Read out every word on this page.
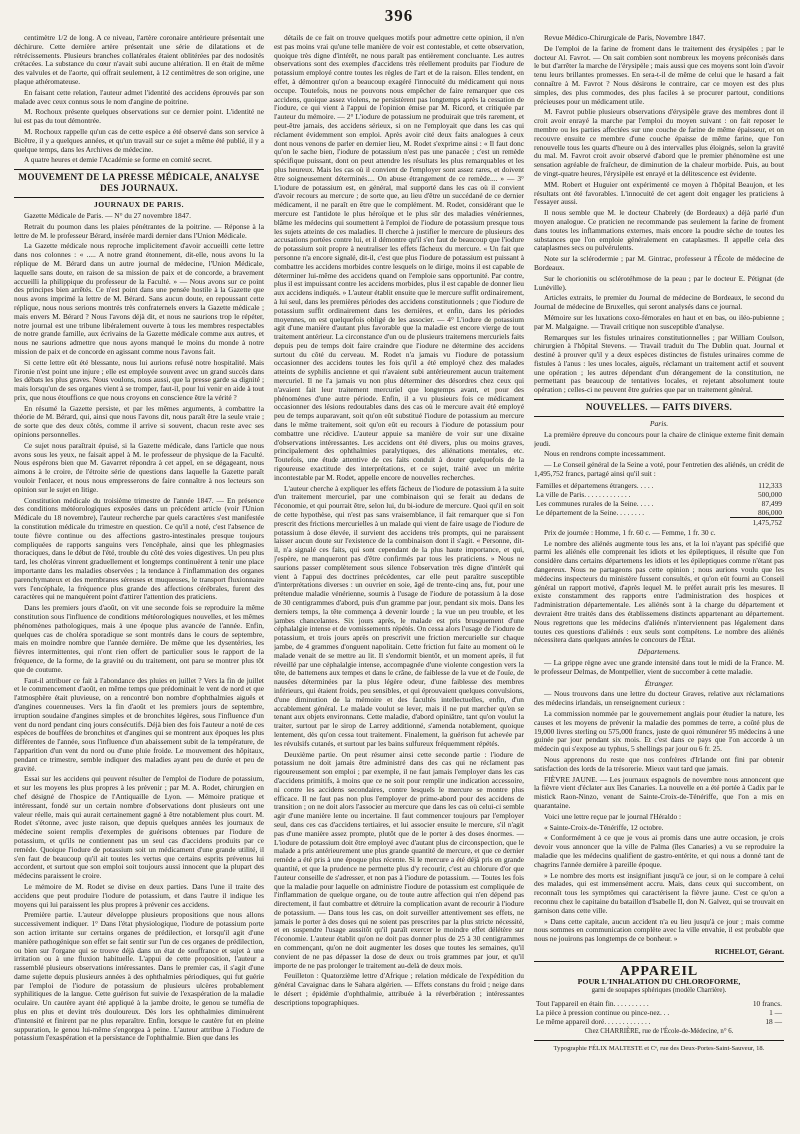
396

centimètre 1/2 de long. A ce niveau, l'artère coronaire antérieure présentait une déchirure. Cette dernière artère présentait une série de dilatations et de rétrécissements. Plusieurs branches collatérales étaient oblitérées par des nodosités crétacées. La substance du cœur n'avait subi aucune altération. Il en était de même des valvules et de l'aorte, qui offrait seulement, à 12 centimètres de son origine, une plaque athéromateuse.

En faisant cette relation, l'auteur admet l'identité des accidens éprouvés par son malade avec ceux connus sous le nom d'angine de poitrine.

M. Rochoux présente quelques observations sur ce dernier point. L'identité ne lui est pas du tout démontrée.

M. Rochoux rappelle qu'un cas de cette espèce a été observé dans son service à Bicêtre, il y a quelques années, et qu'un travail sur ce sujet a même été publié, il y a quelque temps, dans les Archives de médecine.

A quatre heures et demie l'Académie se forme en comité secret.

MOUVEMENT DE LA PRESSE MÉDICALE, ANALYSE DES JOURNAUX.
JOURNAUX DE PARIS.

Gazette Médicale de Paris. — N° du 27 novembre 1847.

Retrait du poumon dans les plaies pénétrantes de la poitrine. — Réponse à la lettre de M. le professeur Bérard, insérée mardi dernier dans l'Union Médicale.

La Gazette médicale nous reproche implicitement d'avoir accueilli cette lettre dans nos colonnes : « ..... A notre grand étonnement, dit-elle, nous avons lu la réplique de M. Bérard dans un autre journal de médecine, l'Union Médicale, laquelle sans doute, en raison de sa mission de paix et de concorde, a bravement accueilli la philippique du professeur de la Faculté. » — Nous avons sur ce point des principes bien arrêtés. Ce n'est point dans une pensée hostile à la Gazette que nous avons imprimé la lettre de M. Bérard. Sans aucun doute, en repoussant cette réplique, nous nous serions montrés très confraternels envers la Gazette médicale ; mais envers M. Bérard ? Nous l'avons déjà dit, et nous ne saurions trop le répéter, notre journal est une tribune libéralement ouverte à tous les membres respectables de notre grande famille, aux écrivains de la Gazette médicale comme aux autres, et nous ne saurions admettre que nous ayons manqué le moins du monde à notre mission de paix et de concorde en agissant comme nous l'avons fait.

Si cette lettre eût été blessante, nous lui aurions refusé notre hospitalité. Mais l'ironie n'est point une injure ; elle est employée souvent avec un grand succès dans les débats les plus graves. Nous voulons, nous aussi, que la presse garde sa dignité ; mais lorsqu'un de ses organes vient à se tromper, faut-il, pour lui venir en aide à tout prix, que nous étouffions ce que nous croyons en conscience être la vérité ?

En résumé la Gazette persiste, et par les mêmes arguments, à combattre la théorie de M. Bérard, qui, ainsi que nous l'avons dit, nous paraît être la seule vraie ; de sorte que des deux côtés, comme il arrive si souvent, chacun reste avec ses opinions personnelles.

Ce sujet nous paraîtrait épuisé, si la Gazette médicale, dans l'article que nous avons sous les yeux, ne faisait appel à M. le professeur de physique de la Faculté. Nous espérons bien que M. Gavarret répondra à cet appel, en se dégageant, nous aimons à le croire, de l'étroite série de questions dans laquelle la Gazette paraît vouloir l'enlacer, et nous nous empresserons de faire connaître à nos lecteurs son opinion sur le sujet en litige.

Constitution médicale du troisième trimestre de l'année 1847. — En présence des conditions météorologiques exposées dans un précédent article (voir l'Union Médicale du 18 novembre), l'auteur recherche par quels caractères s'est manifestée la constitution médicale du trimestre en question. Ce qu'il a noté, c'est l'absence de toute fièvre continue ou des affections gastro-intestinales presque toujours compliquées de rapports sanguins vers l'encéphale, ainsi que les phlegmasies thoraciques, dans le début de l'été, trouble du côté des voies digestives. Un peu plus tard, les choléras vinrent graduellement et longtemps continuèrent à tenir une place importante dans les maladies observées ; la tendance à l'inflammation des organes parenchymateux et des membranes séreuses et muqueuses, le transport fluxionnaire vers l'encéphale, la fréquence plus grande des affections cérébrales, furent des caractères qui ne manquèrent point d'attirer l'attention des praticiens.

Dans les premiers jours d'août, on vit une seconde fois se reproduire la même constitution sous l'influence de conditions météorologiques nouvelles, et les mêmes phénomènes pathologiques, mais à une époque plus avancée de l'année. Enfin, quelques cas de choléra sporadique se sont montrés dans le cours de septembre, mais en moindre nombre que l'année dernière. De même que les dysentéries, les fièvres intermittentes, qui n'ont rien offert de particulier sous le rapport de la fréquence, de la forme, de la gravité ou du traitement, ont paru se montrer plus tôt que de coutume.

Faut-il attribuer ce fait à l'abondance des pluies en juillet ? Vers la fin de juillet et le commencement d'août, en même temps que prédominait le vent de nord et que l'atmosphère était pluvieuse, on a rencontré bon nombre d'ophthalmies aiguës et d'angines couenneuses. Vers la fin d'août et les premiers jours de septembre, irruption soudaine d'angines simples et de bronchites légères, sous l'influence d'un vent du nord pendant cinq jours consécutifs. Déjà bien des fois l'auteur a noté de ces espèces de bouffées de bronchites et d'angines qui se montrent aux époques les plus différentes de l'année, sous l'influence d'un abaissement subit de la température, de l'apparition d'un vent du nord ou d'une pluie froide. Le mouvement des hôpitaux, pendant ce trimestre, semble indiquer des maladies ayant peu de durée et peu de gravité.

Essai sur les accidens qui peuvent résulter de l'emploi de l'iodure de potassium, et sur les moyens les plus propres à les prévenir ; par M. A. Rodet, chirurgien en chef désigné de l'hospice de l'Antiquaille de Lyon. — Mémoire pratique et intéressant, fondé sur un certain nombre d'observations dont plusieurs ont une valeur réelle, mais qui aurait certainement gagné à être notablement plus court. M. Rodet s'étonne, avec juste raison, que depuis quelques années les journaux de médecine soient remplis d'exemples de guérisons obtenues par l'iodure de potassium, et qu'ils ne contiennent pas un seul cas d'accidens produits par ce remède. Quoique l'iodure de potassium soit un médicament d'une grande utilité, il s'en faut de beaucoup qu'il ait toutes les vertus que certains esprits prévenus lui accordent, et surtout que son emploi soit toujours aussi innocent que la plupart des médecins paraissent le croire.

Le mémoire de M. Rodet se divise en deux parties. Dans l'une il traite des accidens que peut produire l'iodure de potassium, et dans l'autre il indique les moyens qui lui paraissent les plus propres à prévenir ces accidens.

Première partie. L'auteur développe plusieurs propositions que nous allons successivement indiquer. 1° Dans l'état physiologique, l'iodure de potassium porte son action irritante sur certains organes de prédilection, et lorsqu'il agit d'une manière pathogénique son effet se fait sentir sur l'un de ces organes de prédilection, ou bien sur l'organe qui se trouve déjà dans un état de souffrance et sujet à une irritation ou à une fluxion habituelle. L'appui de cette proposition, l'auteur a rassemblé plusieurs observations intéressantes. Dans le premier cas, il s'agit d'une dame sujette depuis plusieurs années à des ophthalmies périodiques, qui fut guérie par l'emploi de l'iodure de potassium de plusieurs ulcères probablement syphilitiques de la langue. Cette guérison fut suivie de l'exaspération de la maladie oculaire. Un cautère ayant été appliqué à la jambe droite, le genou se tuméfia de plus en plus et devint très douloureux. Dès lors les ophthalmies diminuèrent d'intensité et finirent par ne plus reparaître. Enfin, lorsque le cautère fut en pleine suppuration, le genou lui-même s'engorgea à peine. L'auteur attribue à l'iodure de potassium l'exaspération et la persistance de l'ophthalmie. Bien que dans les

détails de ce fait on trouve quelques motifs pour admettre cette opinion, il n'en est pas moins vrai qu'une telle manière de voir est contestable, et cette observation, quoique très digne d'intérêt, ne nous paraît pas entièrement concluante. Les autres observations sont des exemples d'accidens très réellement produits par l'iodure de potassium employé contre toutes les règles de l'art et de la raison. Elles tendent, en effet, à démontrer qu'on a beaucoup exagéré l'innocuité du médicament qui nous occupe. Toutefois, nous ne pouvons nous empêcher de faire remarquer que ces accidens, quoique assez violens, ne persistèrent pas longtemps après la cessation de l'iodure, ce qui vient à l'appui de l'opinion émise par M. Ricord, et critiquée par l'auteur du mémoire. — 2° L'iodure de potassium ne produirait que très rarement, et peut-être jamais, des accidens sérieux, si on ne l'employait que dans les cas qui réclament évidemment son emploi. Après avoir cité deux faits analogues à ceux dont nous venons de parler en dernier lieu, M. Rodet s'exprime ainsi : « Il faut donc qu'on le sache bien, l'iodure de potassium n'est pas une panacée ; c'est un remède spécifique puissant, dont on peut attendre les résultats les plus remarquables et les plus heureux. Mais les cas où il convient de l'employer sont assez rares, et doivent être soigneusement déterminés.... On abuse étrangement de ce remède.... » — 3° L'iodure de potassium est, en général, mal supporté dans les cas où il convient d'avoir recours au mercure ; de sorte que, au lieu d'être un succédané de ce dernier médicament, il ne paraît en être que le complément. M. Rodet, considérant que le mercure est l'antidote le plus héroïque et le plus sûr des maladies vénériennes, blâme les médecins qui soumettent à l'emploi de l'iodure de potassium presque tous les sujets atteints de ces maladies. Il cherche à justifier le mercure de plusieurs des accusations portées contre lui, et il démontre qu'il s'en faut de beaucoup que l'iodure de potassium soit propre à neutraliser les effets fâcheux du mercure. « Un fait que personne n'a encore signalé, dit-il, c'est que plus l'iodure de potassium est puissant à combattre les accidens morbides contre lesquels on le dirige, moins il est capable de déterminer lui-même des accidens quand on l'emploie sans opportunité. Par contre, plus il est impuissant contre les accidens morbides, plus il est capable de donner lieu aux accidens indiqués. » L'auteur établit ensuite que le mercure suffit ordinairement, à lui seul, dans les premières périodes des accidens constitutionnels ; que l'iodure de potassium suffit ordinairement dans les dernières, et enfin, dans les périodes moyennes, on est quelquefois obligé de les associer. — 4° L'iodure de potassium agit d'une manière d'autant plus favorable que la maladie est encore vierge de tout traitement antérieur. La circonstance d'un ou de plusieurs traitemens mercuriels faits depuis peu de temps doit faire craindre que l'iodure ne détermine des accidens surtout du côté du cerveau. M. Rodet n'a jamais vu l'iodure de potassium occasionner des accidens toutes les fois qu'il a été employé chez des malades atteints de syphilis ancienne et qui n'avaient subi antérieurement aucun traitement mercuriel. Il ne l'a jamais vu non plus déterminer des désordres chez ceux qui n'avaient fait leur traitement mercuriel que longtemps avant, et pour des phénomènes d'une autre période. Enfin, il a vu plusieurs fois ce médicament occasionner des lésions redoutables dans des cas où le mercure avait été employé peu de temps auparavant, soit qu'on eût substitué l'iodure de potassium au mercure dans le même traitement, soit qu'on eût eu recours à l'iodure de potassium pour combattre une récidive. L'auteur appuie sa manière de voir sur une dixaine d'observations intéressantes. Les accidens ont été divers, plus ou moins graves, principalement des ophthalmies paralytiques, des aliénations mentales, etc. Toutefois, une étude attentive de ces faits conduit à douter quelquefois de la rigoureuse exactitude des interprétations, et ce sujet, traité avec un mérite incontestable par M. Rodet, appelle encore de nouvelles recherches.

L'auteur cherche à expliquer les effets fâcheux de l'iodure de potassium à la suite d'un traitement mercuriel, par une combinaison qui se ferait au dedans de l'économie, et qui pourrait être, selon lui, du bi-iodure de mercure. Quoi qu'il en soit de cette hypothèse, qui n'est pas sans vraisemblance, il fait remarquer que si l'on prescrit des frictions mercurielles à un malade qui vient de faire usage de l'iodure de potassium à dose élevée, il survient des accidens très prompts, qui ne paraissent laisser aucun doute sur l'existence de la combinaison dont il s'agit. « Personne, dit-il, n'a signalé ces faits, qui sont cependant de la plus haute importance, et qui, j'espère, ne manqueront pas d'être confirmés par tous les praticiens. » Nous ne saurions passer complètement sous silence l'observation très digne d'intérêt qui vient à l'appui des doctrines précédentes, car elle peut paraître susceptible d'interprétations diverses : un ouvrier en soie, âgé de trente-cinq ans, fut, pour une prétendue maladie vénérienne, soumis à l'usage de l'iodure de potassium à la dose de 30 centigrammes d'abord, puis d'un gramme par jour, pendant six mois. Dans les derniers temps, la tête commença à devenir lourde ; la vue un peu trouble, et les jambes chancelantes. Six jours après, le malade est pris brusquement d'une céphalalgie intense et de vomissements répétés. On cessa alors l'usage de l'iodure de potassium, et trois jours après on prescrivit une friction mercurielle sur chaque jambe, de 4 grammes d'onguent napolitain. Cette friction fut faite au moment où le malade venait de se mettre au lit. Il s'endormit bientôt, et un moment après, il fut réveillé par une céphalalgie intense, accompagnée d'une violente congestion vers la tête, de battemens aux tempes et dans le crâne, de faiblesse de la vue et de l'ouïe, de nausées déterminées par la plus légère odeur, d'une faiblesse des membres inférieurs, qui étaient froids, peu sensibles, et qui éprouvaient quelques convulsions, d'une diminution de la mémoire et des facultés intellectuelles, enfin, d'un accablement général. Le malade voulut se lever, mais il ne put marcher qu'en se tenant aux objets environnans. Cette maladie, d'abord opiniâtre, tant qu'on voulut la traiter, surtout par le sirop de Larrey additionné, s'amenda notablement, quoique lentement, dès qu'on cessa tout traitement. Finalement, la guérison fut achevée par les révulsifs cutanés, et surtout par les bains sulfureux fréquemment répétés.

Deuxième partie. On peut résumer ainsi cette seconde partie : l'iodure de potassium ne doit jamais être administré dans des cas qui ne réclament pas rigoureusement son emploi ; par exemple, il ne faut jamais l'employer dans les cas d'accidens primitifs, à moins que ce ne soit pour remplir une indication accessoire, ni contre les accidens secondaires, contre lesquels le mercure se montre plus efficace. Il ne faut pas non plus l'employer de prime-abord pour des accidens de transition ; on ne doit alors l'associer au mercure que dans les cas où celui-ci semble agir d'une manière lente ou incertaine. Il faut commencer toujours par l'employer seul, dans ces cas d'accidens tertiaires, et lui associer ensuite le mercure, s'il n'agit pas d'une manière assez prompte, plutôt que de le porter à des doses énormes. — L'iodure de potassium doit être employé avec d'autant plus de circonspection, que le malade a pris antérieurement une plus grande quantité de mercure, et que ce dernier remède a été pris à une époque plus récente. Si le mercure a été déjà pris en grande quantité, et que la prudence ne permette plus d'y recourir, c'est au chlorure d'or que l'auteur conseille de s'adresser, et non pas à l'iodure de potassium. — Toutes les fois que la maladie pour laquelle on administre l'iodure de potassium est compliquée de l'inflammation de quelque organe, ou de toute autre affection qui n'en dépend pas directement, il faut combattre et détruire la complication avant de recourir à l'iodure de potassium. — Dans tous les cas, on doit surveiller attentivement ses effets, ne jamais le porter à des doses qui ne soient pas prescrites par la plus stricte nécessité, et en suspendre l'usage aussitôt qu'il paraît exercer le moindre effet délétère sur l'économie. L'auteur établit qu'on ne doit pas donner plus de 25 à 30 centigrammes en commençant, qu'on ne doit augmenter les doses que toutes les semaines, qu'il convient de ne pas dépasser la dose de deux ou trois grammes par jour, et qu'il importe de ne pas prolonger le traitement au-delà de deux mois.

Feuilleton : Quatorzième lettre d'Afrique ; relation médicale de l'expédition du général Cavaignac dans le Sahara algérien. — Effets constans du froid ; neige dans le désert ; épidémie d'ophthalmie, attribuée à la réverbération ; intéressantes descriptions topographiques.

Revue Médico-Chirurgicale de Paris, Novembre 1847.

De l'emploi de la farine de froment dans le traitement des érysipèles ; par le docteur Al. Favrot. — On sait combien sont nombreux les moyens préconisés dans le but d'arrêter la marche de l'érysipèle ; mais aussi que ces moyens sont loin d'avoir tenu leurs brillantes promesses. En sera-t-il de même de celui que le hasard a fait connaître à M. Favrot ? Nous désirons le contraire, car ce moyen est des plus simples, des plus commodes, des plus faciles à se procurer partout, conditions précieuses pour un médicament utile.

M. Favrot publie plusieurs observations d'érysipèle grave des membres dont il croit avoir enrayé la marche par l'emploi du moyen suivant : on fait reposer le membre ou les parties affectées sur une couche de farine de même épaisseur, et on recouvre ensuite ce membre d'une couche épaisse de même farine, que l'on renouvelle tous les quarts d'heure ou à des intervalles plus éloignés, selon la gravité du mal. M. Favrot croit avoir observé d'abord que le premier phénomène est une sensation agréable de fraîcheur, de diminution de la chaleur morbide. Puis, au bout de vingt-quatre heures, l'érysipèle est enrayé et la délitescence est évidente.

MM. Robert et Huguier ont expérimenté ce moyen à l'hôpital Beaujon, et les résultats ont été favorables. L'innocuité de cet agent doit engager les praticiens à l'essayer aussi.

Il nous semble que M. le docteur Chabrely (de Bordeaux) a déjà parlé d'un moyen analogue. Ce praticien ne recommande pas seulement la farine de froment dans toutes les inflammations externes, mais encore la poudre sèche de toutes les substances que l'on emploie généralement en cataplasmes. Il appelle cela des cataplasmes secs ou pulvérulents.

Note sur la sclérodermie ; par M. Gintrac, professeur à l'École de médecine de Bordeaux.

Sur le chorionitis ou sclérotéhmose de la peau ; par le docteur E. Pétignat (de Lunéville).

Articles extraits, le premier du Journal de médecine de Bordeaux, le second du Journal de médecine de Bruxelles, qui seront analysés dans ce journal.

Mémoire sur les luxations coxo-fémorales en haut et en bas, ou iléo-pubienne ; par M. Malgaigne. — Travail critique non susceptible d'analyse.

Remarques sur les fistules urinaires constitutionnelles ; par William Coulson, chirurgien à l'hôpital Stevens. — Travail traduit du The Dublin quat. Journal et destiné à prouver qu'il y a deux espèces distinctes de fistules urinaires comme de fistules à l'anus : les unes locales, aiguës, réclamant un traitement actif et souvent une opération ; les autres dépendant d'un dérangement de la constitution, ne permettant pas beaucoup de tentatives locales, et rejetant absolument toute opération ; celles-ci ne peuvent être guéries que par un traitement général.

NOUVELLES. — FAITS DIVERS.
Paris.

La première épreuve du concours pour la chaire de clinique externe finit demain jeudi.

Nous en rendrons compte incessamment.

— Le Conseil général de la Seine a voté, pour l'entretien des aliénés, un crédit de 1,495,752 francs, partagé ainsi qu'il suit :

Familles et départemens étrangers. . . . .	112,333
La ville de Paris. . . . . . . . . . . . .	500,000
Les communes rurales de la Seine. . . . .	87,499
Le département de la Seine. . . . . . . .	806,000
	1,475,752

Prix de journée : Homme, 1 fr. 60 c. — Femme, 1 fr. 30 c.

Le nombre des aliénés augmente tous les ans, et la loi n'ayant pas spécifié que parmi les aliénés elle comprenait les idiots et les épileptiques, il résulte que l'on considère dans certains départemens les idiots et les épileptiques comme n'étant pas dangereux. Nous ne partageons pas cette opinion ; nous aurions voulu que les médecins inspecteurs du ministère fussent consultés, et qu'on eût fourni au Conseil général un rapport motivé, d'après lequel M. le préfet aurait pris les mesures. Il existe constamment des rapports entre l'administration des hospices et l'administration départementale. Les aliénés sont à la charge du département et devraient être traités dans des établissemens distincts appartenant au département. Nous regrettons que les médecins d'aliénés n'interviennent pas légalement dans toutes ces questions d'aliénés : eux seuls sont compétens. Le nombre des aliénés nécessitera dans quelques années le concours de l'État.

Départemens.

— La grippe règne avec une grande intensité dans tout le midi de la France. M. le professeur Delmas, de Montpellier, vient de succomber à cette maladie.

Étranger.

— Nous trouvons dans une lettre du docteur Graves, relative aux réclamations des médecins irlandais, un renseignement curieux :

La commission nommée par le gouvernement anglais pour étudier la nature, les causes et les moyens de prévenir la maladie des pommes de terre, a coûté plus de 19,000 livres sterling ou 575,000 francs, juste de quoi rémunérer 95 médecins à une guinée par jour pendant six mois. Et c'est dans ce pays que l'on accorde à un médecin qui s'expose au typhus, 5 shellings par jour ou 6 fr. 25.

Nous apprenons du reste que nos confrères d'Irlande ont fini par obtenir satisfaction des lords de la trésorerie. Mieux vaut tard que jamais.

FIÈVRE JAUNE. — Les journaux espagnols de novembre nous annoncent que la fièvre vient d'éclater aux îles Canaries. La nouvelle en a été portée à Cadix par le mistick Raon-Ninzo, venant de Sainte-Croix-de-Ténériffe, que l'on a mis en quarantaine.

Voici une lettre reçue par le journal l'Héraldo :

« Sainte-Croix-de-Ténériffe, 12 octobre.

« Conformément à ce que je vous ai promis dans une autre occasion, je crois devoir vous annoncer que la ville de Palma (îles Canaries) a vu se reproduire la maladie que les médecins qualifient de gastro-entérite, et qui nous a donné tant de chagrins l'année dernière à pareille époque.

» Le nombre des morts est insignifiant jusqu'à ce jour, si on le compare à celui des malades, qui est immensément accru. Mais, dans ceux qui succombent, on reconnaît tous les symptômes qui caractérisent la fièvre jaune. C'est ce qu'on a reconnu chez le capitaine du bataillon d'Isabelle II, don N. Galvez, qui se trouvait en garnison dans cette ville.

» Dans cette capitale, aucun accident n'a eu lieu jusqu'à ce jour ; mais comme nous sommes en communication complète avec la ville envahie, il est probable que nous ne jouirons pas longtemps de ce bonheur. »

RICHELOT, Gérant.
APPAREIL
POUR L'INHALATION DU CHLOROFORME,
garni de soupapes sphériques (modèle Charrière).
Tout l'appareil en étain fin. . . . . . . . . .	10 francs.
La pièce à pression continue ou pince-nez. . .	1 —
Le même appareil doré. . . . . . . . . . . . .	18 —
Chez CHARRIÈRE, rue de l'École-de-Médecine, n° 6.
Typographie FÉLIX MALTESTE et Cᵉ, rue des Deux-Portes-Saint-Sauveur, 18.
